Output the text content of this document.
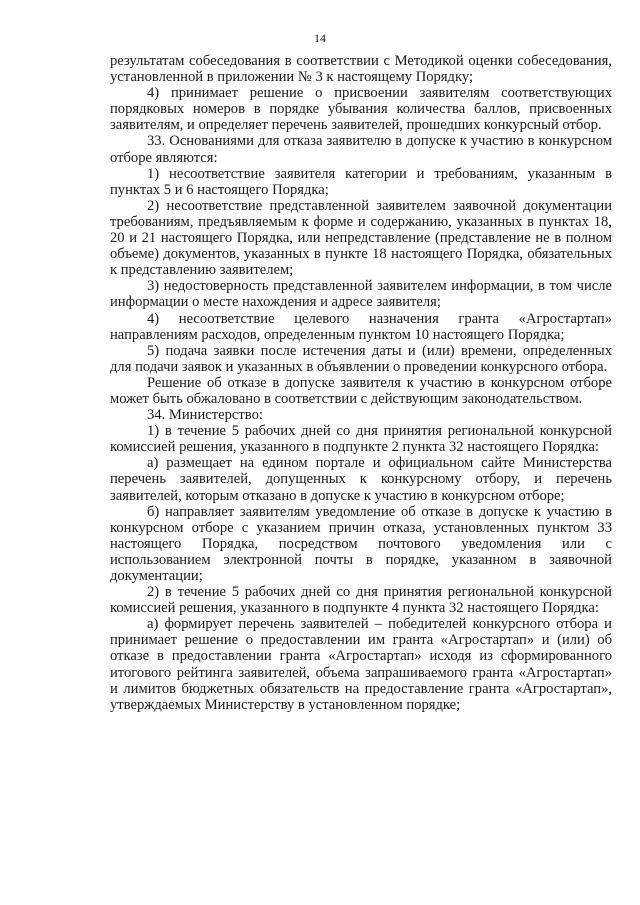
14

результатам собеседования в соответствии с Методикой оценки собеседования, установленной в приложении № 3 к настоящему Порядку;

4) принимает решение о присвоении заявителям соответствующих порядковых номеров в порядке убывания количества баллов, присвоенных заявителям, и определяет перечень заявителей, прошедших конкурсный отбор.

33. Основаниями для отказа заявителю в допуске к участию в конкурсном отборе являются:

1) несоответствие заявителя категории и требованиям, указанным в пунктах 5 и 6 настоящего Порядка;

2) несоответствие представленной заявителем заявочной документации требованиям, предъявляемым к форме и содержанию, указанных в пунктах 18, 20 и 21 настоящего Порядка, или непредставление (представление не в полном объеме) документов, указанных в пункте 18 настоящего Порядка, обязательных к представлению заявителем;

3) недостоверность представленной заявителем информации, в том числе информации о месте нахождения и адресе заявителя;

4) несоответствие целевого назначения гранта «Агростартап» направлениям расходов, определенным пунктом 10 настоящего Порядка;

5) подача заявки после истечения даты и (или) времени, определенных для подачи заявок и указанных в объявлении о проведении конкурсного отбора.

Решение об отказе в допуске заявителя к участию в конкурсном отборе может быть обжаловано в соответствии с действующим законодательством.

34. Министерство:

1) в течение 5 рабочих дней со дня принятия региональной конкурсной комиссией решения, указанного в подпункте 2 пункта 32 настоящего Порядка:

а) размещает на едином портале и официальном сайте Министерства перечень заявителей, допущенных к конкурсному отбору, и перечень заявителей, которым отказано в допуске к участию в конкурсном отборе;

б) направляет заявителям уведомление об отказе в допуске к участию в конкурсном отборе с указанием причин отказа, установленных пунктом 33 настоящего Порядка, посредством почтового уведомления или с использованием электронной почты в порядке, указанном в заявочной документации;

2) в течение 5 рабочих дней со дня принятия региональной конкурсной комиссией решения, указанного в подпункте 4 пункта 32 настоящего Порядка:

а) формирует перечень заявителей – победителей конкурсного отбора и принимает решение о предоставлении им гранта «Агростартап» и (или) об отказе в предоставлении гранта «Агростартап» исходя из сформированного итогового рейтинга заявителей, объема запрашиваемого гранта «Агростартап» и лимитов бюджетных обязательств на предоставление гранта «Агростартап», утверждаемых Министерству в установленном порядке;
